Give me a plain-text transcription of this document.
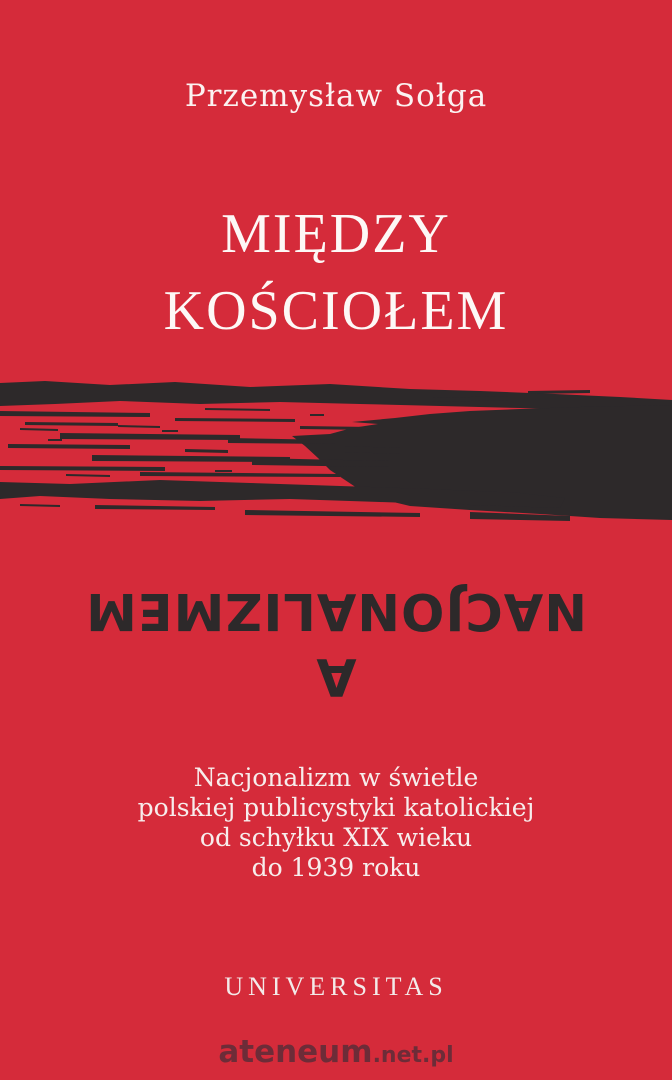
Przemysław Sołga
MIĘDZY
KOŚCIOŁEM
A
NACJONALIZMEM
Nacjonalizm w świetle
polskiej publicystyki katolickiej
od schyłku XIX wieku
do 1939 roku
UNIVERSITAS
ateneum.net.pl
